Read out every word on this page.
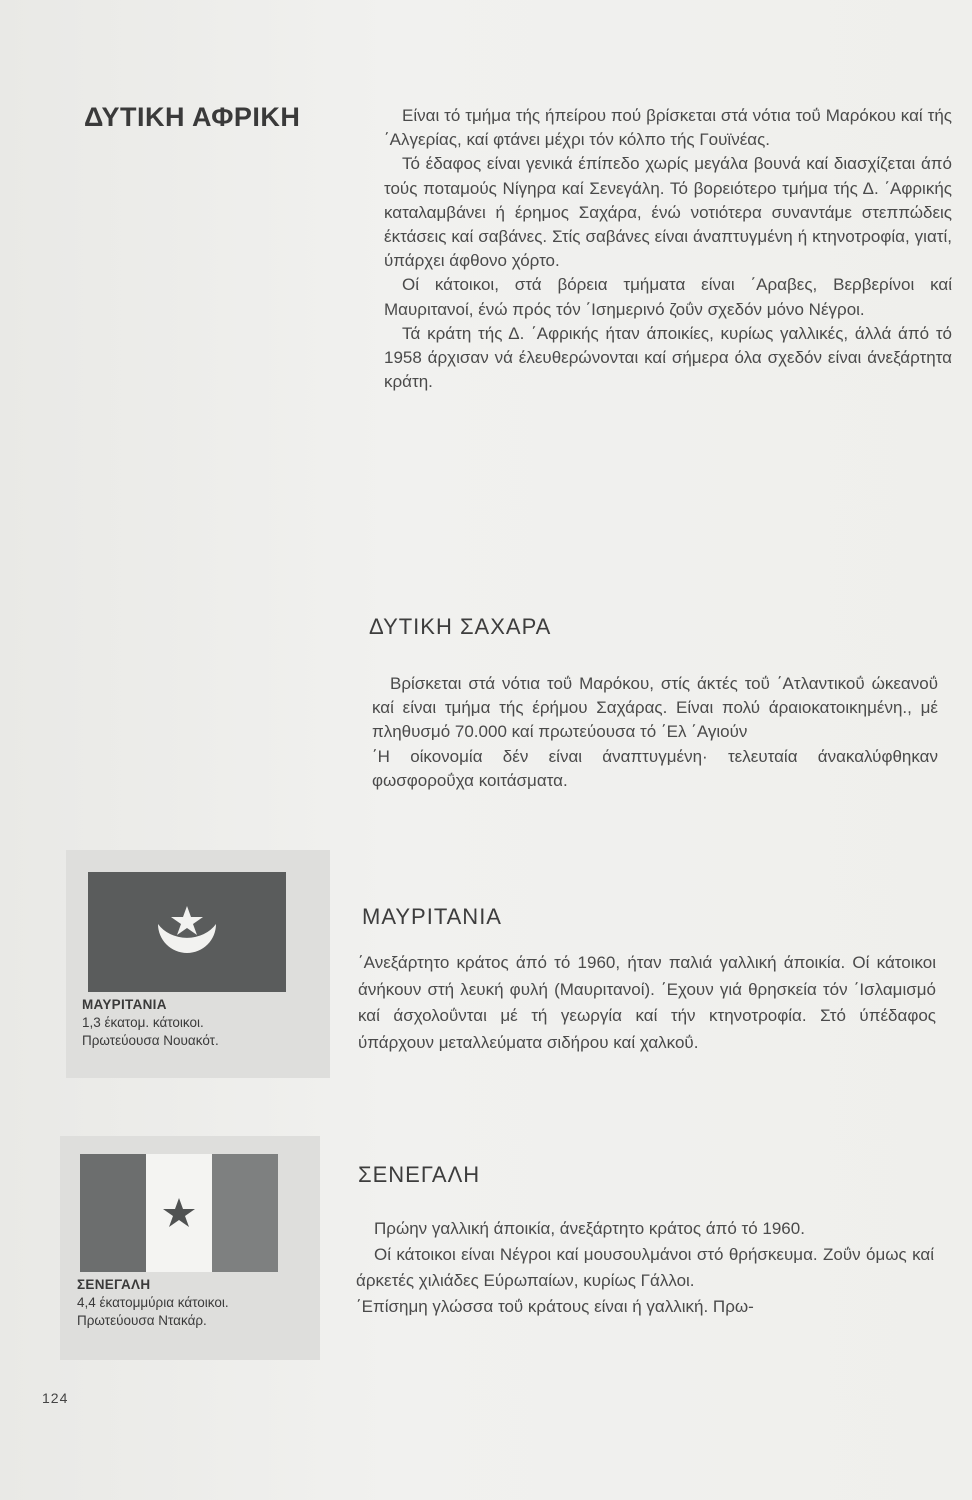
ΔΥΤΙΚΗ ΑΦΡΙΚΗ	Είναι τό τμήμα τής ήπείρου πού βρίσκεται στά νότια τοΰ Μαρόκου καί τής ΄Αλγερίας, καί φτάνει μέχρι τόν κόλπο τής Γουϊνέας.

Τό έδαφος είναι γενικά έπίπεδο χωρίς μεγάλα βουνά καί διασχίζεται άπό τούς ποταμούς Νίγηρα καί Σενεγάλη. Τό βορειότερο τμήμα τής Δ. ΄Αφρικής καταλαμβάνει ή έρημος Σαχάρα, ένώ νοτιότερα συναντάμε στεππώδεις έκτάσεις καί σαβάνες. Στίς σαβάνες είναι άναπτυγμένη ή κτηνοτροφία, γιατί, ύπάρχει άφθονο χόρτο.

Οί κάτοικοι, στά βόρεια τμήματα είναι ΄Αραβες, Βερβερίνοι καί Μαυριτανοί, ένώ πρός τόν ΄Ισημερινό ζοΰν σχεδόν μόνο Νέγροι.

Τά κράτη τής Δ. ΄Αφρικής ήταν άποικίες, κυρίως γαλλικές, άλλά άπό τό 1958 άρχισαν νά έλευθερώνονται καί σήμερα όλα σχεδόν είναι άνεξάρτητα κράτη.

ΔΥΤΙΚΗ ΣΑΧΑΡΑ

Βρίσκεται στά νότια τοΰ Μαρόκου, στίς άκτές τοΰ ΄Ατλαντικοΰ ώκεανοΰ καί είναι τμήμα τής έρήμου Σαχάρας. Είναι πολύ άραιοκατοικημένη., μέ πληθυσμό 70.000 καί πρωτεύουσα τό ΄Ελ ΄Αγιούν

΄Η οίκονομία δέν είναι άναπτυγμένη· τελευταία άνακαλύφθηκαν φωσφοροΰχα κοιτάσματα.

ΜΑΥΡΙΤΑΝΙΑ
1,3 έκατομ. κάτοικοι.
Πρωτεύουσα Νουακότ.
ΜΑΥΡΙΤΑΝΙΑ

΄Ανεξάρτητο κράτος άπό τό 1960, ήταν παλιά γαλλική άποικία. Οί κάτοικοι άνήκουν στή λευκή φυλή (Μαυριτανοί). ΄Εχουν γιά θρησκεία τόν ΄Ισλαμισμό καί άσχολοΰνται μέ τή γεωργία καί τήν κτηνοτροφία. Στό ύπέδαφος ύπάρχουν μεταλλεύματα σιδήρου καί χαλκοΰ.

ΣΕΝΕΓΑΛΗ
4,4 έκατομμύρια κάτοικοι.
Πρωτεύουσα Ντακάρ.
ΣΕΝΕΓΑΛΗ

Πρώην γαλλική άποικία, άνεξάρτητο κράτος άπό τό 1960.

Οί κάτοικοι είναι Νέγροι καί μουσουλμάνοι στό θρήσκευμα. Ζοΰν όμως καί άρκετές χιλιάδες Εύρωπαίων, κυρίως Γάλλοι.

΄Επίσημη γλώσσα τοΰ κράτους είναι ή γαλλική. Πρω-

124
